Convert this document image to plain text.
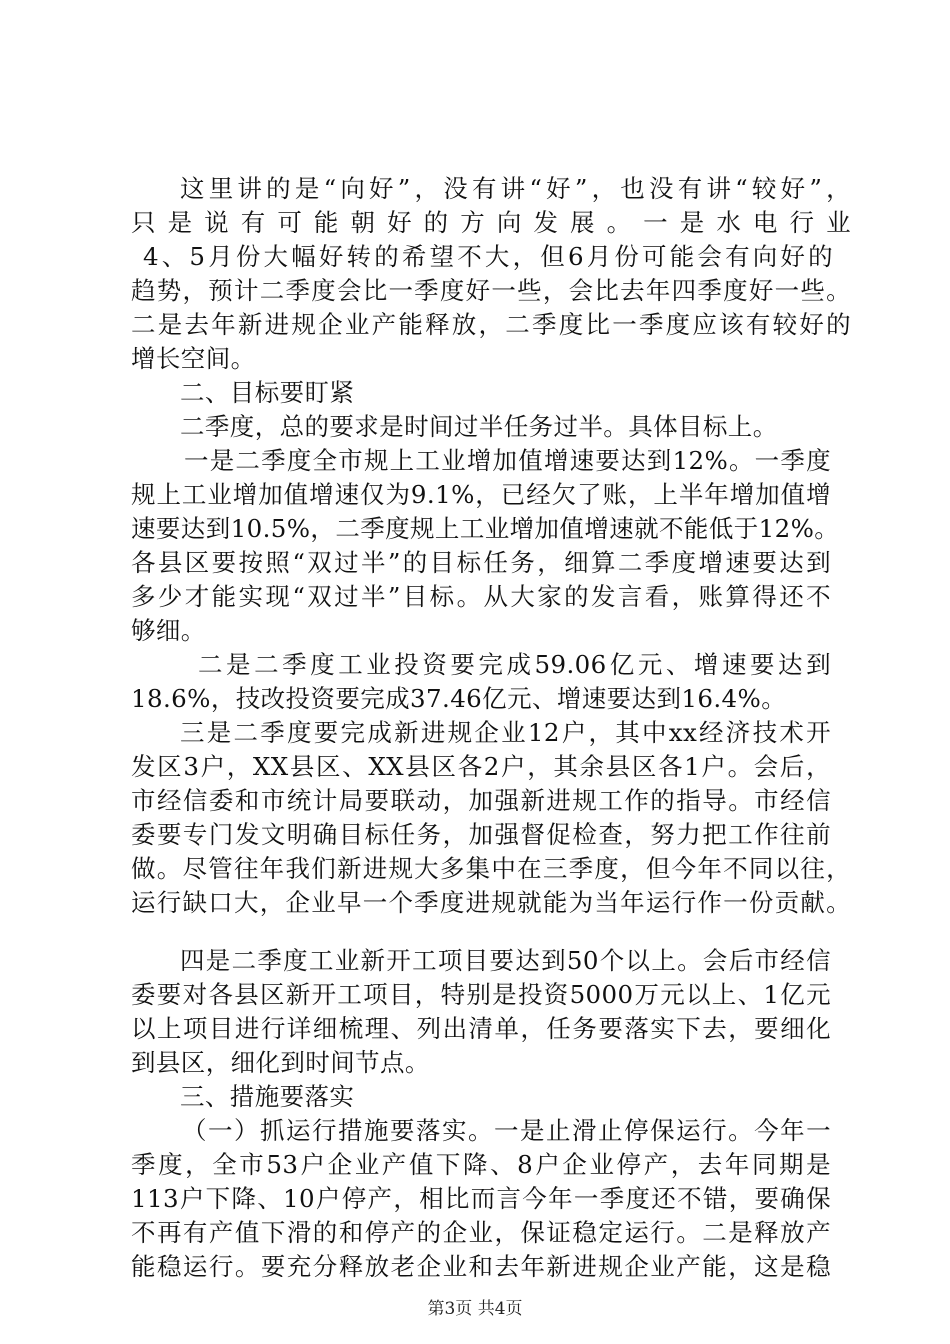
这里讲的是“向好”，没有讲“好”，也没有讲“较好”，
只是说有可能朝好的方向发展。一是水电行业
4、5月份大幅好转的希望不大，但6月份可能会有向好的
趋势，预计二季度会比一季度好一些，会比去年四季度好一些。
二是去年新进规企业产能释放，二季度比一季度应该有较好的
增长空间。
二、目标要盯紧
二季度，总的要求是时间过半任务过半。具体目标上。
一是二季度全市规上工业增加值增速要达到12%。一季度
规上工业增加值增速仅为9.1%，已经欠了账，上半年增加值增
速要达到10.5%，二季度规上工业增加值增速就不能低于12%。
各县区要按照“双过半”的目标任务，细算二季度增速要达到
多少才能实现“双过半”目标。从大家的发言看，账算得还不
够细。
二是二季度工业投资要完成59.06亿元、增速要达到
18.6%，技改投资要完成37.46亿元、增速要达到16.4%。
三是二季度要完成新进规企业12户，其中xx经济技术开
发区3户，XX县区、XX县区各2户，其余县区各1户。会后，
市经信委和市统计局要联动，加强新进规工作的指导。市经信
委要专门发文明确目标任务，加强督促检查，努力把工作往前
做。尽管往年我们新进规大多集中在三季度，但今年不同以往，
运行缺口大，企业早一个季度进规就能为当年运行作一份贡献。
四是二季度工业新开工项目要达到50个以上。会后市经信
委要对各县区新开工项目，特别是投资5000万元以上、1亿元
以上项目进行详细梳理、列出清单，任务要落实下去，要细化
到县区，细化到时间节点。
三、措施要落实
（一）抓运行措施要落实。一是止滑止停保运行。今年一
季度，全市53户企业产值下降、8户企业停产，去年同期是
113户下降、10户停产，相比而言今年一季度还不错，要确保
不再有产值下滑的和停产的企业，保证稳定运行。二是释放产
能稳运行。要充分释放老企业和去年新进规企业产能，这是稳
第3页 共4页
